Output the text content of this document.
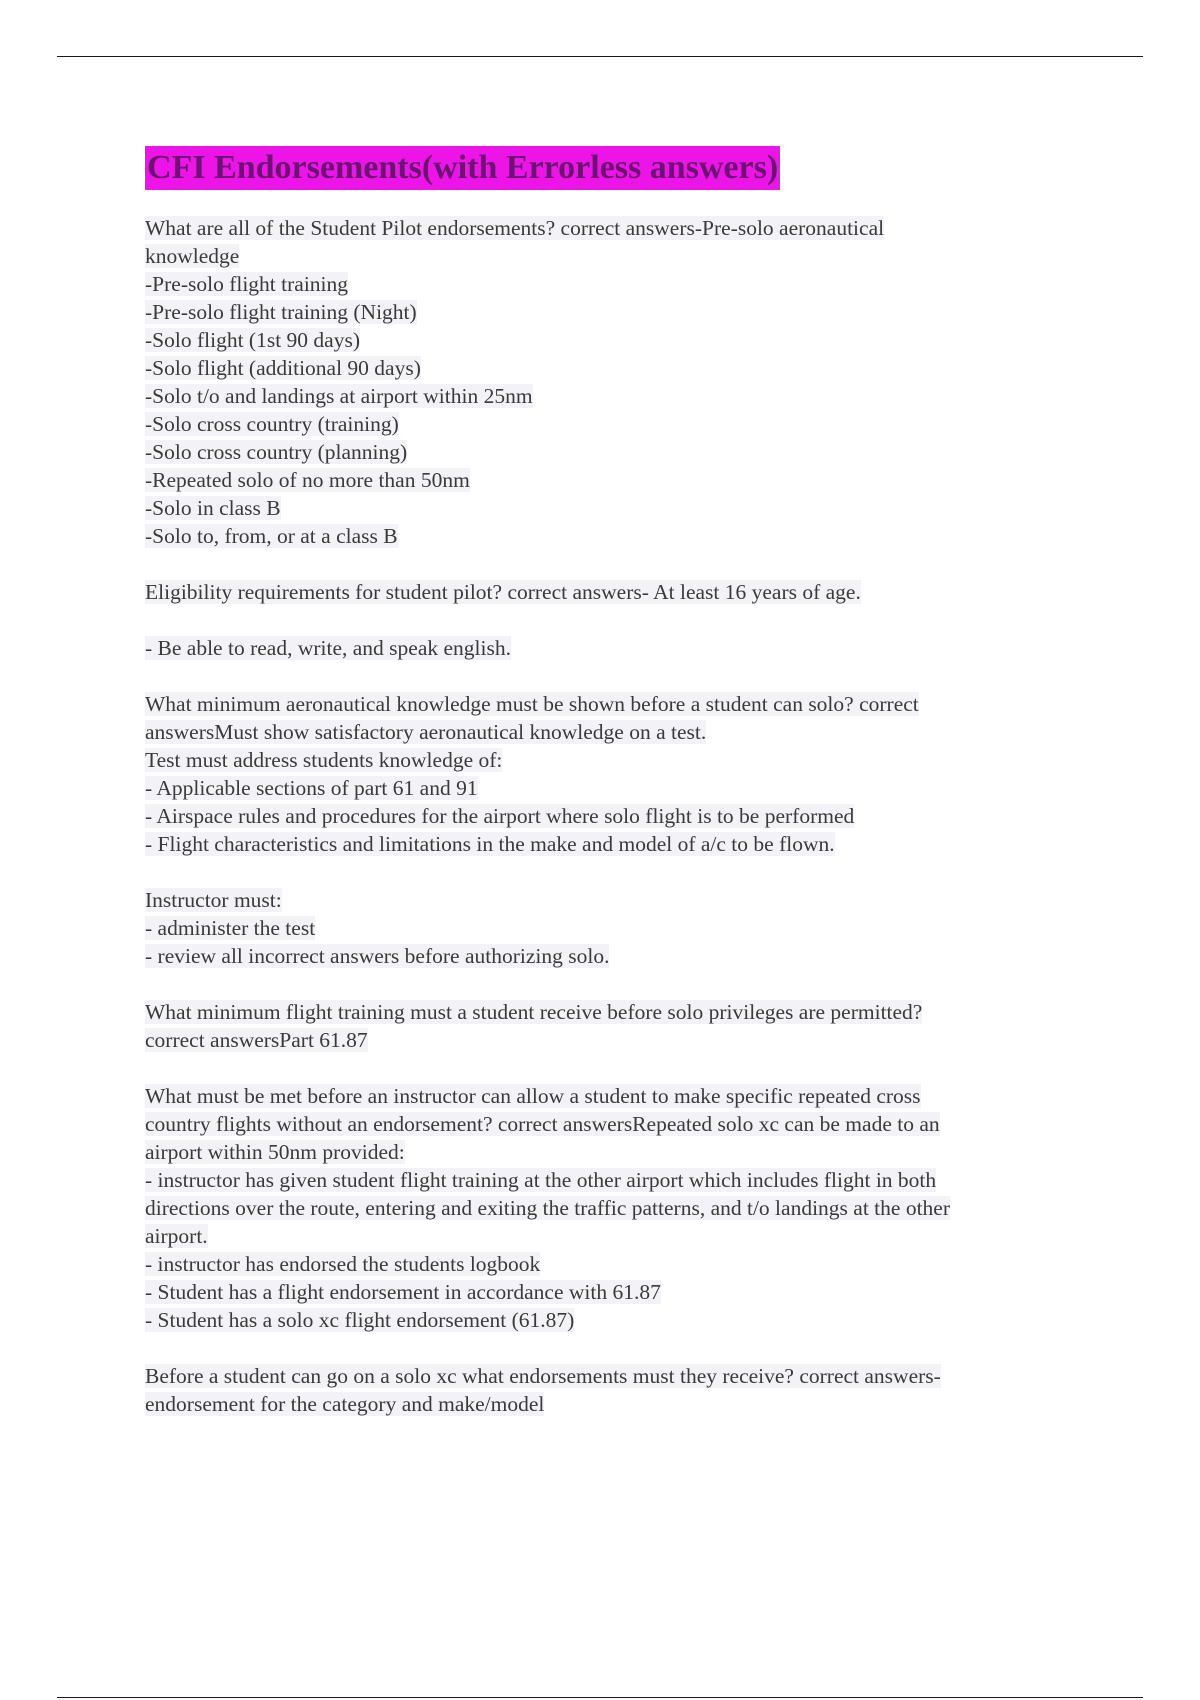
CFI Endorsements(with Errorless answers)
What are all of the Student Pilot endorsements? correct answers-Pre-solo aeronautical
knowledge
-Pre-solo flight training
-Pre-solo flight training (Night)
-Solo flight (1st 90 days)
-Solo flight (additional 90 days)
-Solo t/o and landings at airport within 25nm
-Solo cross country (training)
-Solo cross country (planning)
-Repeated solo of no more than 50nm
-Solo in class B
-Solo to, from, or at a class B
Eligibility requirements for student pilot? correct answers- At least 16 years of age.
- Be able to read, write, and speak english.
What minimum aeronautical knowledge must be shown before a student can solo? correct
answersMust show satisfactory aeronautical knowledge on a test.
Test must address students knowledge of:
- Applicable sections of part 61 and 91
- Airspace rules and procedures for the airport where solo flight is to be performed
- Flight characteristics and limitations in the make and model of a/c to be flown.
Instructor must:
- administer the test
- review all incorrect answers before authorizing solo.
What minimum flight training must a student receive before solo privileges are permitted?
correct answersPart 61.87
What must be met before an instructor can allow a student to make specific repeated cross
country flights without an endorsement? correct answersRepeated solo xc can be made to an
airport within 50nm provided:
- instructor has given student flight training at the other airport which includes flight in both
directions over the route, entering and exiting the traffic patterns, and t/o landings at the other
airport.
- instructor has endorsed the students logbook
- Student has a flight endorsement in accordance with 61.87
- Student has a solo xc flight endorsement (61.87)
Before a student can go on a solo xc what endorsements must they receive? correct answers-
endorsement for the category and make/model
